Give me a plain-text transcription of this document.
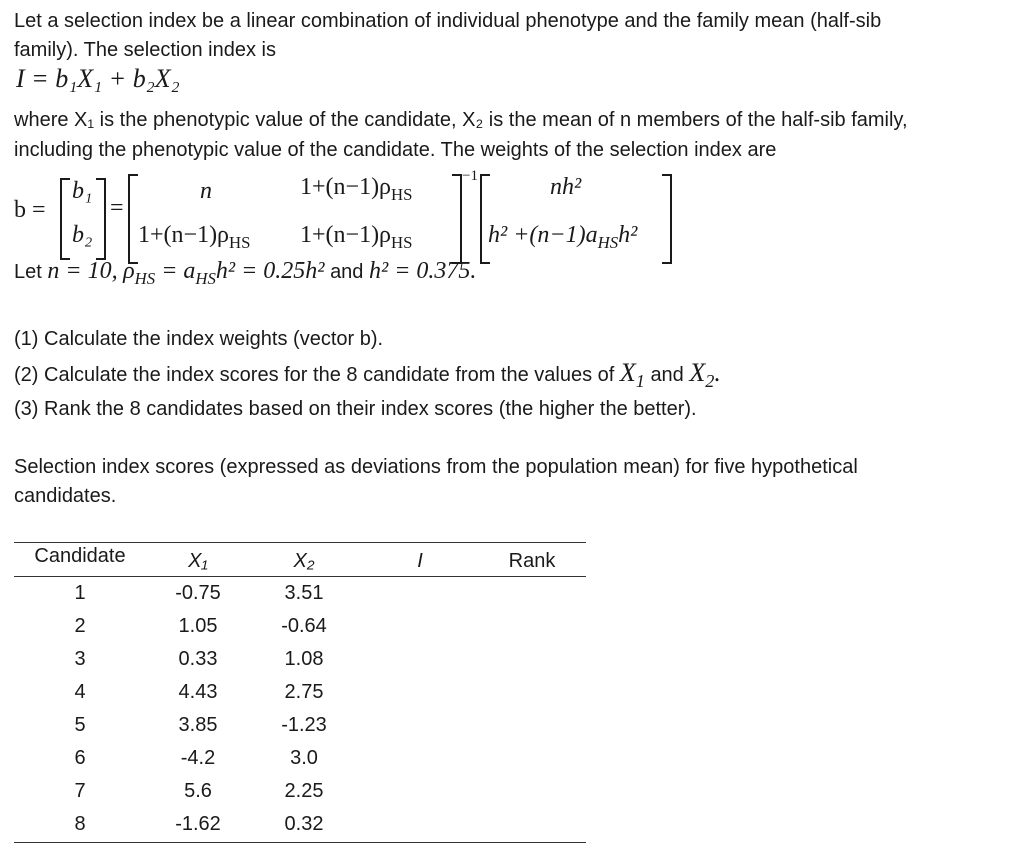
Let a selection index be a linear combination of individual phenotype and the family mean (half-sib
family). The selection index is
I = b₁X₁ + b₂X₂
where X₁ is the phenotypic value of the candidate, X₂ is the mean of n members of the half-sib family,
including the phenotypic value of the candidate. The weights of the selection index are
b =
b₁
b₂
=
n	$1+(n-1)\rho_{HS}$
$1+(n-1)\rho_{HS}$ $1+(n-1)\rho_{HS}$
−1	nh²
$h^2 +(n-1)a_{HS}h^2$
Let n = 10, $\rho_{HS} = a_{HS}h^2 = 0.25h^2$ and h² = 0.375.
(1) Calculate the index weights (vector b).
(2) Calculate the index scores for the 8 candidate from the values of $X_1$ and $X_2$.
(3) Rank the 8 candidates based on their index scores (the higher the better).
Selection index scores (expressed as deviations from the population mean) for five hypothetical
candidates.
Candidate	X₁	X₂	I	Rank
1	-0.75	3.51
2	1.05	-0.64
3	0.33	1.08
4	4.43	2.75
5	3.85	-1.23
6	-4.2	3.0
7	5.6	2.25
8	-1.62	0.32
